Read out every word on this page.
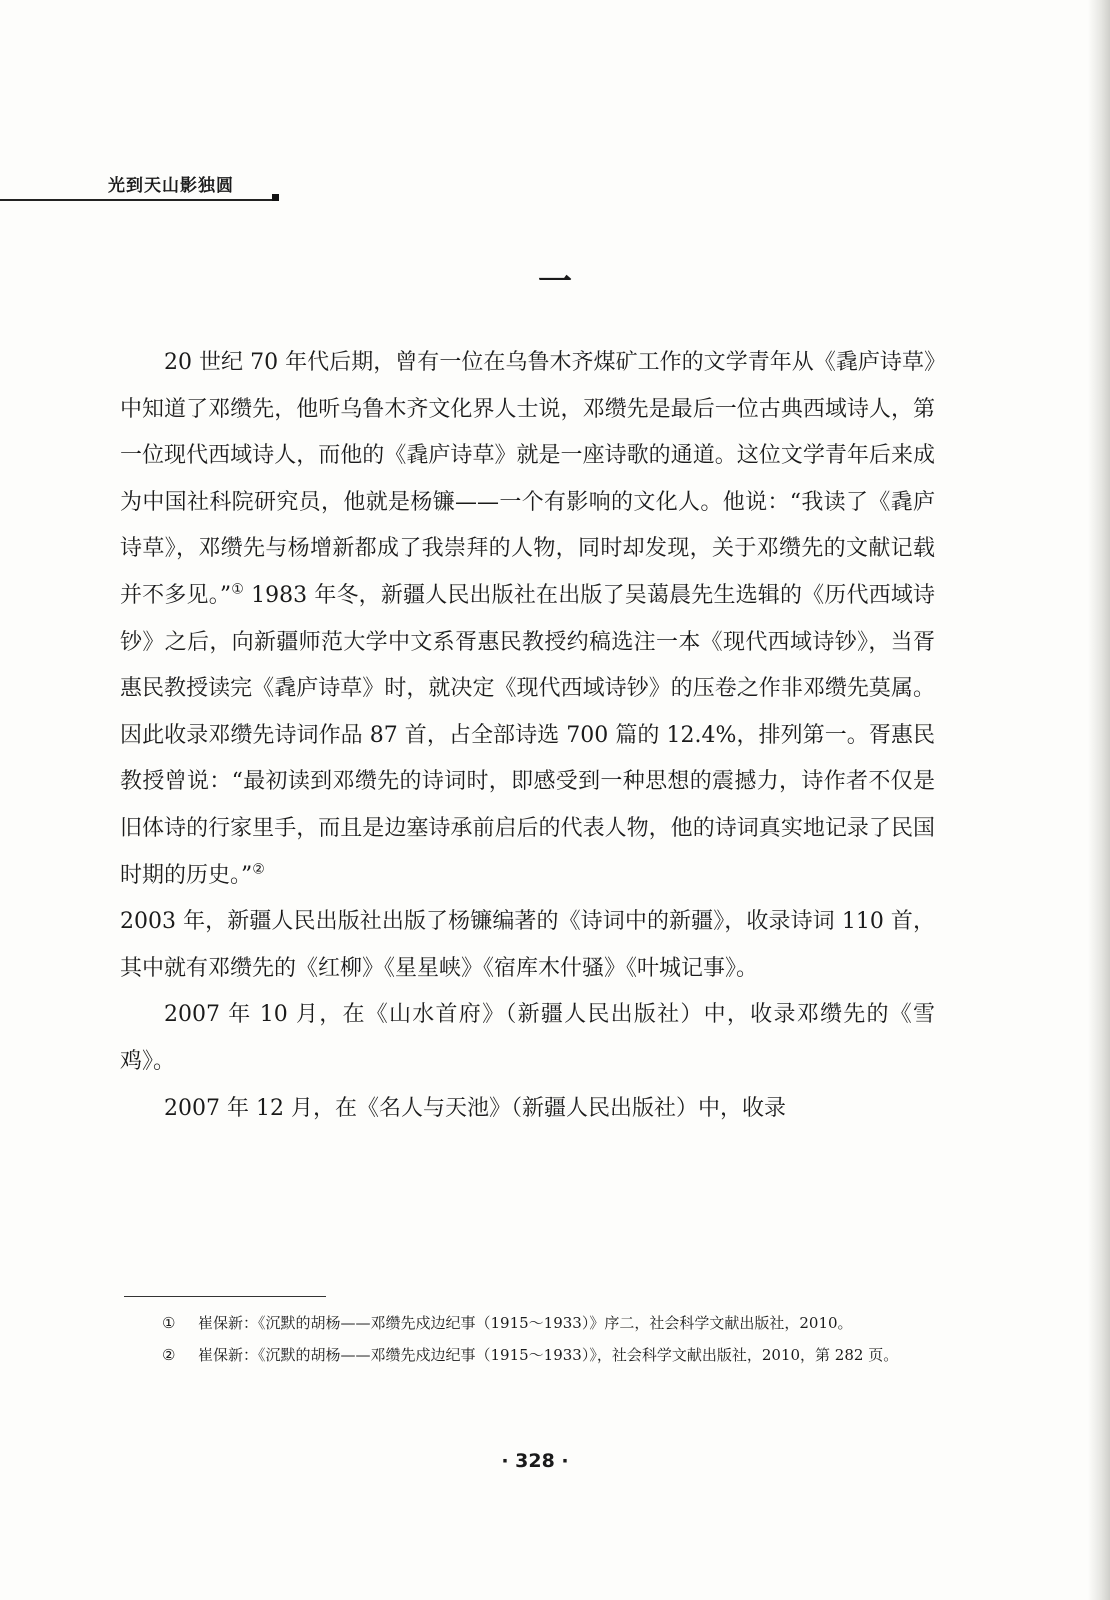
光到天山影独圆
一

20 世纪 70 年代后期，曾有一位在乌鲁木齐煤矿工作的文学青年从《毳庐诗草》中知道了邓缵先，他听乌鲁木齐文化界人士说，邓缵先是最后一位古典西域诗人，第一位现代西域诗人，而他的《毳庐诗草》就是一座诗歌的通道。这位文学青年后来成为中国社科院研究员，他就是杨镰——一个有影响的文化人。他说：“我读了《毳庐诗草》，邓缵先与杨增新都成了我崇拜的人物，同时却发现，关于邓缵先的文献记载并不多见。”① 1983 年冬，新疆人民出版社在出版了吴蔼晨先生选辑的《历代西域诗钞》之后，向新疆师范大学中文系胥惠民教授约稿选注一本《现代西域诗钞》，当胥惠民教授读完《毳庐诗草》时，就决定《现代西域诗钞》的压卷之作非邓缵先莫属。因此收录邓缵先诗词作品 87 首，占全部诗选 700 篇的 12.4%，排列第一。胥惠民教授曾说：“最初读到邓缵先的诗词时，即感受到一种思想的震撼力，诗作者不仅是旧体诗的行家里手，而且是边塞诗承前启后的代表人物，他的诗词真实地记录了民国时期的历史。”②
2003 年，新疆人民出版社出版了杨镰编著的《诗词中的新疆》，收录诗词 110 首，其中就有邓缵先的《红柳》《星星峡》《宿库木什骚》《叶城记事》。

2007 年 10 月，在《山水首府》（新疆人民出版社）中，收录邓缵先的《雪鸡》。

2007 年 12 月，在《名人与天池》（新疆人民出版社）中，收录

① 崔保新：《沉默的胡杨——邓缵先戍边纪事（1915～1933）》序二，社会科学文献出版社，2010。
② 崔保新：《沉默的胡杨——邓缵先戍边纪事（1915～1933）》，社会科学文献出版社，2010，第 282 页。
· 328 ·
